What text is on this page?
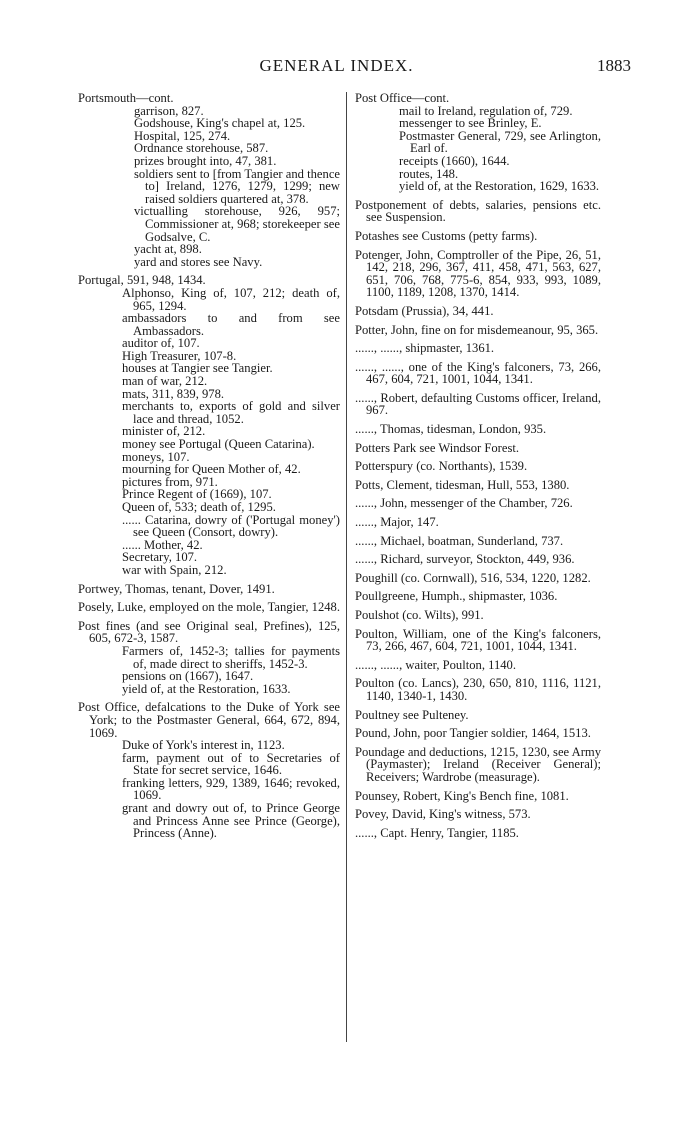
GENERAL INDEX.	1883
Portsmouth—cont.
garrison, 827.
Godshouse, King's chapel at, 125.
Hospital, 125, 274.
Ordnance storehouse, 587.
prizes brought into, 47, 381.
soldiers sent to [from Tangier and thence to] Ireland, 1276, 1279, 1299; new raised soldiers quartered at, 378.
victualling storehouse, 926, 957; Commissioner at, 968; storekeeper see Godsalve, C.
yacht at, 898.
yard and stores see Navy.
Portugal, 591, 948, 1434.
Alphonso, King of, 107, 212; death of, 965, 1294.
ambassadors to and from see Ambassadors.
auditor of, 107.
High Treasurer, 107-8.
houses at Tangier see Tangier.
man of war, 212.
mats, 311, 839, 978.
merchants to, exports of gold and silver lace and thread, 1052.
minister of, 212.
money see Portugal (Queen Catarina).
moneys, 107.
mourning for Queen Mother of, 42.
pictures from, 971.
Prince Regent of (1669), 107.
Queen of, 533; death of, 1295.
...... Catarina, dowry of ('Portugal money') see Queen (Consort, dowry).
...... Mother, 42.
Secretary, 107.
war with Spain, 212.
Portwey, Thomas, tenant, Dover, 1491.
Posely, Luke, employed on the mole, Tangier, 1248.
Post fines (and see Original seal, Prefines), 125, 605, 672-3, 1587.
Farmers of, 1452-3; tallies for payments of, made direct to sheriffs, 1452-3.
pensions on (1667), 1647.
yield of, at the Restoration, 1633.
Post Office, defalcations to the Duke of York see York; to the Postmaster General, 664, 672, 894, 1069.
Duke of York's interest in, 1123.
farm, payment out of to Secretaries of State for secret service, 1646.
franking letters, 929, 1389, 1646; revoked, 1069.
grant and dowry out of, to Prince George and Princess Anne see Prince (George), Princess (Anne).
Post Office—cont.
mail to Ireland, regulation of, 729.
messenger to see Brinley, E.
Postmaster General, 729, see Arlington, Earl of.
receipts (1660), 1644.
routes, 148.
yield of, at the Restoration, 1629, 1633.
Postponement of debts, salaries, pensions etc. see Suspension.
Potashes see Customs (petty farms).
Potenger, John, Comptroller of the Pipe, 26, 51, 142, 218, 296, 367, 411, 458, 471, 563, 627, 651, 706, 768, 775-6, 854, 933, 993, 1089, 1100, 1189, 1208, 1370, 1414.
Potsdam (Prussia), 34, 441.
Potter, John, fine on for misdemeanour, 95, 365.
......, ......, shipmaster, 1361.
......, ......, one of the King's falconers, 73, 266, 467, 604, 721, 1001, 1044, 1341.
......, Robert, defaulting Customs officer, Ireland, 967.
......, Thomas, tidesman, London, 935.
Potters Park see Windsor Forest.
Potterspury (co. Northants), 1539.
Potts, Clement, tidesman, Hull, 553, 1380.
......, John, messenger of the Chamber, 726.
......, Major, 147.
......, Michael, boatman, Sunderland, 737.
......, Richard, surveyor, Stockton, 449, 936.
Poughill (co. Cornwall), 516, 534, 1220, 1282.
Poullgreene, Humph., shipmaster, 1036.
Poulshot (co. Wilts), 991.
Poulton, William, one of the King's falconers, 73, 266, 467, 604, 721, 1001, 1044, 1341.
......, ......, waiter, Poulton, 1140.
Poulton (co. Lancs), 230, 650, 810, 1116, 1121, 1140, 1340-1, 1430.
Poultney see Pulteney.
Pound, John, poor Tangier soldier, 1464, 1513.
Poundage and deductions, 1215, 1230, see Army (Paymaster); Ireland (Receiver General); Receivers; Wardrobe (measurage).
Pounsey, Robert, King's Bench fine, 1081.
Povey, David, King's witness, 573.
......, Capt. Henry, Tangier, 1185.
